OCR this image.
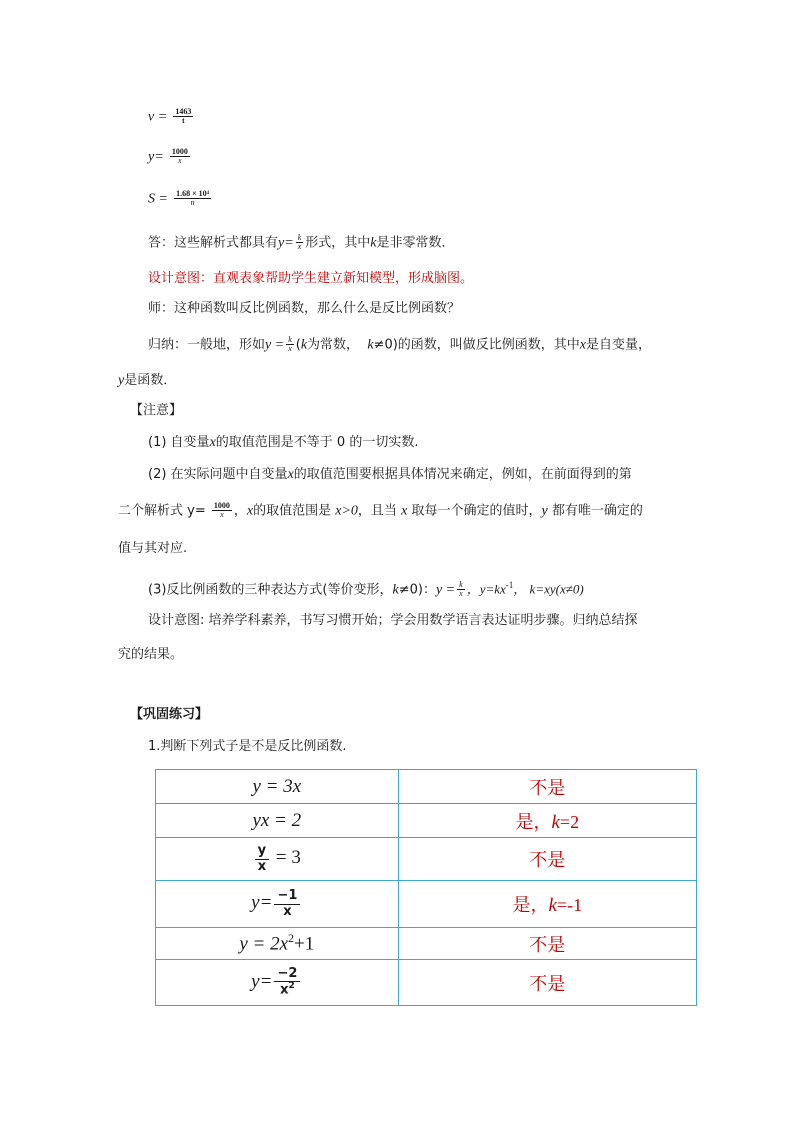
$v = \frac{1463}{t}$
$y= \frac{1000}{x}$
$S = \frac{\text{1.68 × 10⁴}}{n}$
答：这些解析式都具有$y= \frac{k}{x}$ 形式，其中k是非零常数．
设计意图：直观表象帮助学生建立新知模型，形成脑图。
师：这种函数叫反比例函数，那么什么是反比例函数？
归纳：一般地，形如$y = \frac{k}{x} (k$为常数， k≠0)的函数，叫做反比例函数，其中x是自变量，
y是函数．
【注意】
(1) 自变量x的取值范围是不等于 0 的一切实数.
(2) 在实际问题中自变量x的取值范围要根据具体情况来确定，例如，在前面得到的第
二个解析式 $y= \frac{1000}{x}$ ，x的取值范围是 x>0，且当 x 取每一个确定的值时，y 都有唯一确定的
值与其对应.
(3)反比例函数的三种表达方式(等价变形，k≠0)：$y = \frac{k}{x}$ ，$y=kx^{-1}$， k=xy(x≠0)
设计意图: 培养学科素养，书写习惯开始；学会用数学语言表达证明步骤。归纳总结探
究的结果。
【巩固练习】
1.判断下列式子是不是反比例函数.
y = 3x	不是
yx = 2	是，k=2

$\frac{y}{x} = 3$	不是
$y= \frac{-1}{x}$	是，k=-1
$y = 2x^2+1$	不是
$y= \frac{-2}{x^2}$	不是
